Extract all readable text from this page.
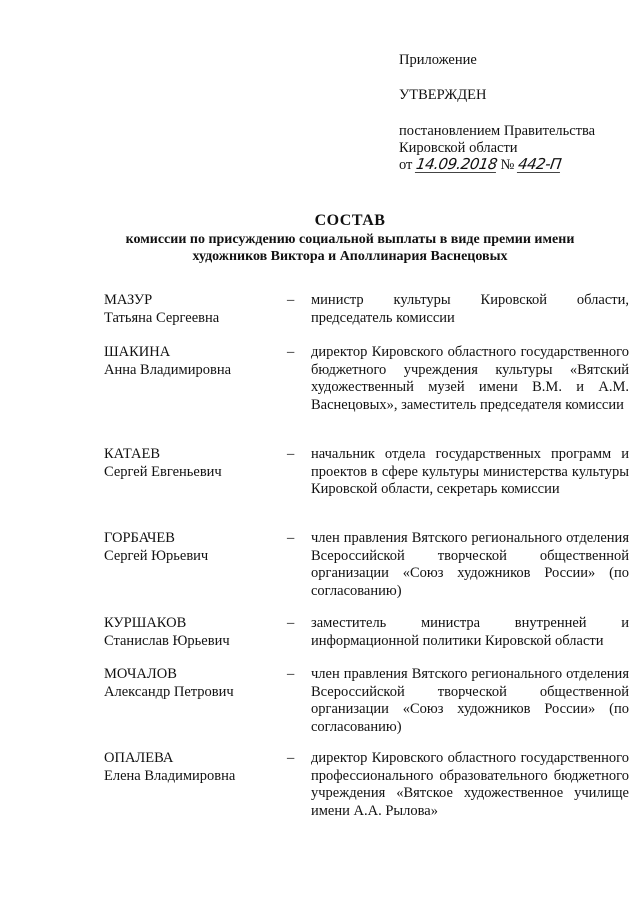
Приложение
УТВЕРЖДЕН
постановлением Правительства
Кировской области
от 14.09.2018 № 442-П
СОСТАВ
комиссии по присуждению социальной выплаты в виде премии имени
художников Виктора и Аполлинария Васнецовых
МАЗУР
Татьяна Сергеевна
– министр культуры Кировской области, председатель комиссии
ШАКИНА
Анна Владимировна
– директор Кировского областного государственного бюджетного учреждения культуры «Вятский художественный музей имени В.М. и А.М. Васнецовых», заместитель председателя комиссии
КАТАЕВ
Сергей Евгеньевич
– начальник отдела государственных программ и проектов в сфере культуры министерства культуры Кировской области, секретарь комиссии
ГОРБАЧЕВ
Сергей Юрьевич
– член правления Вятского регионального отделения Всероссийской творческой общественной организации «Союз художников России» (по согласованию)
КУРШАКОВ
Станислав Юрьевич
– заместитель министра внутренней и информационной политики Кировской области
МОЧАЛОВ
Александр Петрович
– член правления Вятского регионального отделения Всероссийской творческой общественной организации «Союз художников России» (по согласованию)
ОПАЛЕВА
Елена Владимировна
– директор Кировского областного государственного профессионального образовательного бюджетного учреждения «Вятское художественное училище имени А.А. Рылова»
